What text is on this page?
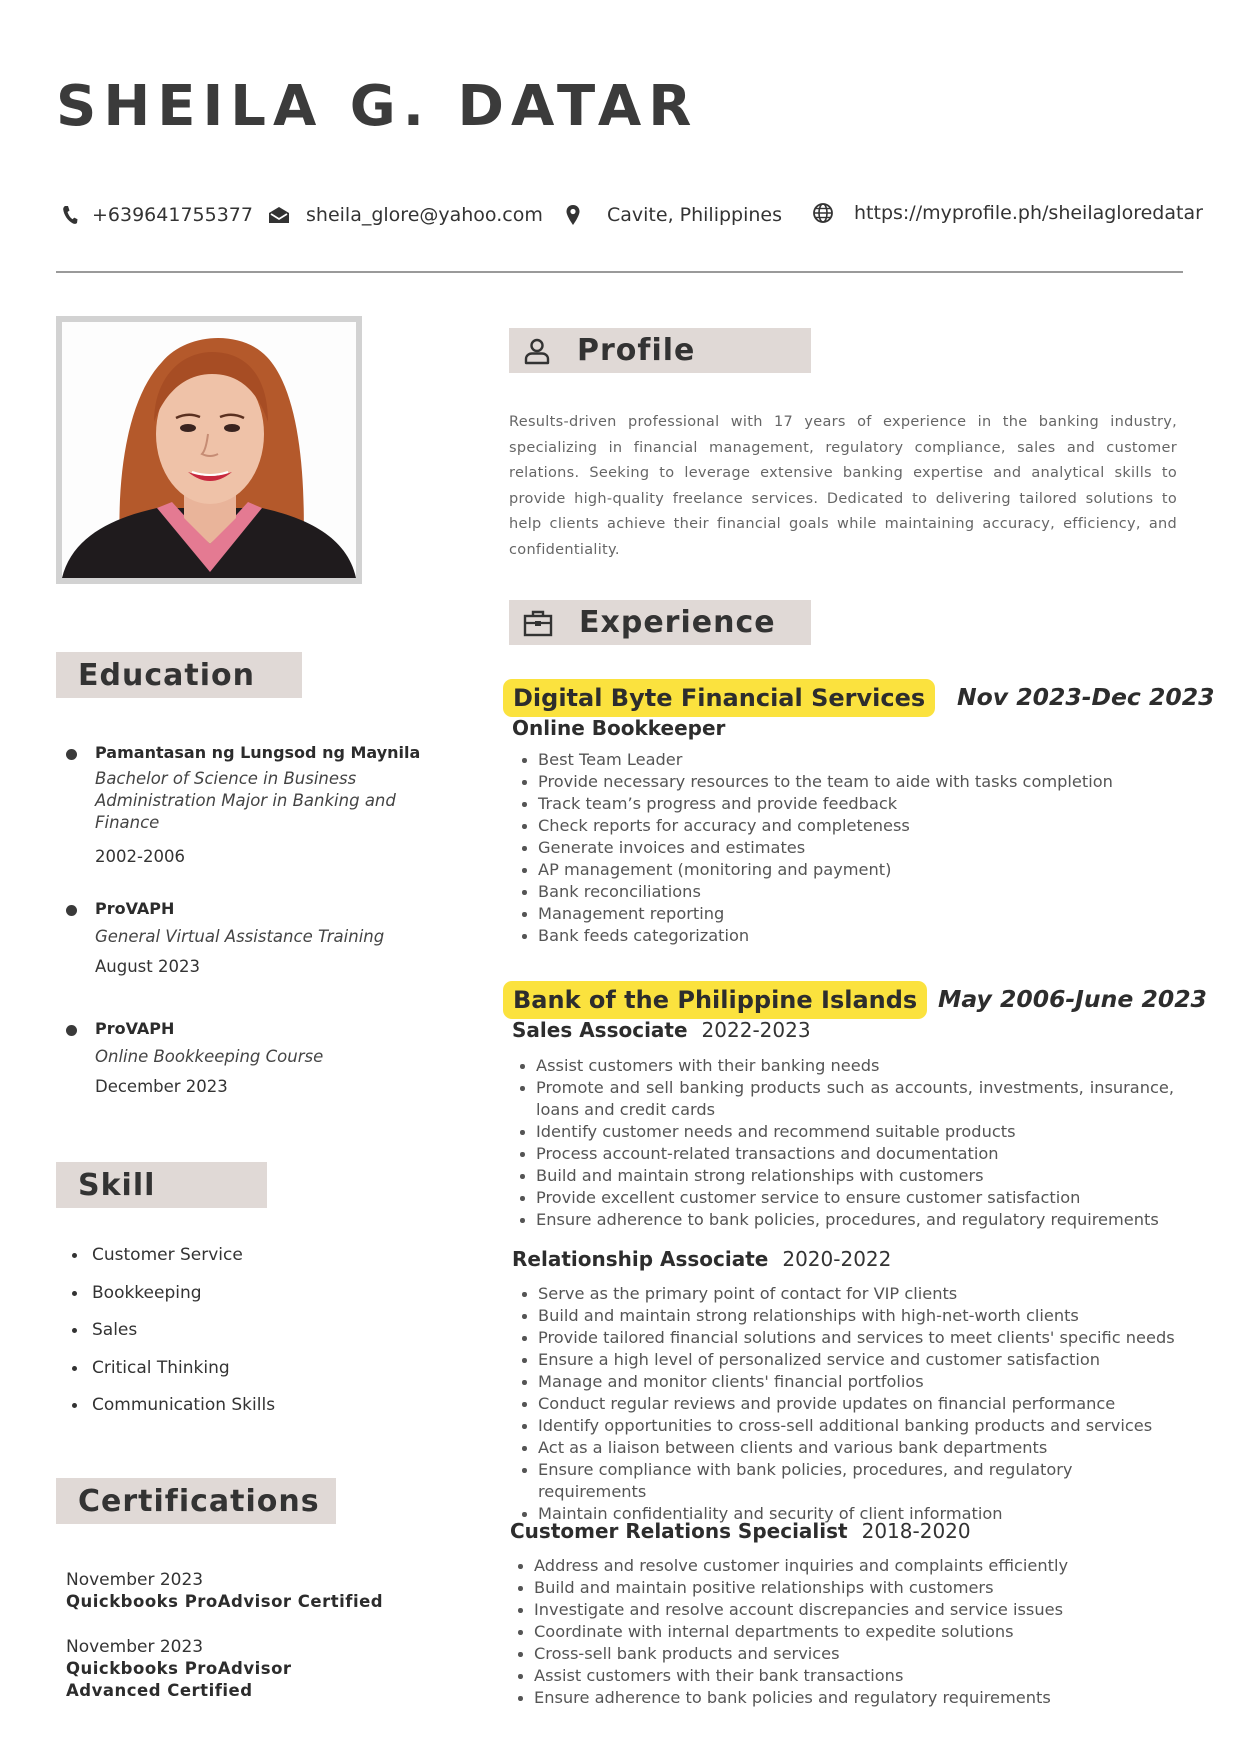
SHEILA G. DATAR
+639641755377	sheila_glore@yahoo.com	Cavite, Philippines	https://myprofile.ph/sheilagloredatar
Education
Pamantasan ng Lungsod ng Maynila
Bachelor of Science in Business Administration Major in Banking and Finance
2002-2006
ProVAPH
General Virtual Assistance Training
August 2023
ProVAPH
Online Bookkeeping Course
December 2023
Skill
Customer Service
Bookkeeping
Sales
Critical Thinking
Communication Skills
Certifications
November 2023
Quickbooks ProAdvisor Certified
November 2023
Quickbooks ProAdvisor Advanced Certified
Profile
Results-driven professional with 17 years of experience in the banking industry, specializing in financial management, regulatory compliance, sales and customer relations. Seeking to leverage extensive banking expertise and analytical skills to provide high-quality freelance services. Dedicated to delivering tailored solutions to help clients achieve their financial goals while maintaining accuracy, efficiency, and confidentiality.
Experience
Digital Byte Financial Services	Nov 2023-Dec 2023
Online Bookkeeper
Best Team Leader
Provide necessary resources to the team to aide with tasks completion
Track team’s progress and provide feedback
Check reports for accuracy and completeness
Generate invoices and estimates
AP management (monitoring and payment)
Bank reconciliations
Management reporting
Bank feeds categorization
Bank of the Philippine Islands May 2006-June 2023
Sales Associate 2022-2023
Assist customers with their banking needs
Promote and sell banking products such as accounts, investments, insurance, loans and credit cards
Identify customer needs and recommend suitable products
Process account-related transactions and documentation
Build and maintain strong relationships with customers
Provide excellent customer service to ensure customer satisfaction
Ensure adherence to bank policies, procedures, and regulatory requirements
Relationship Associate 2020-2022
Serve as the primary point of contact for VIP clients
Build and maintain strong relationships with high-net-worth clients
Provide tailored financial solutions and services to meet clients' specific needs
Ensure a high level of personalized service and customer satisfaction
Manage and monitor clients' financial portfolios
Conduct regular reviews and provide updates on financial performance
Identify opportunities to cross-sell additional banking products and services
Act as a liaison between clients and various bank departments
Ensure compliance with bank policies, procedures, and regulatory requirements
Maintain confidentiality and security of client information
Customer Relations Specialist 2018-2020
Address and resolve customer inquiries and complaints efficiently
Build and maintain positive relationships with customers
Investigate and resolve account discrepancies and service issues
Coordinate with internal departments to expedite solutions
Cross-sell bank products and services
Assist customers with their bank transactions
Ensure adherence to bank policies and regulatory requirements
